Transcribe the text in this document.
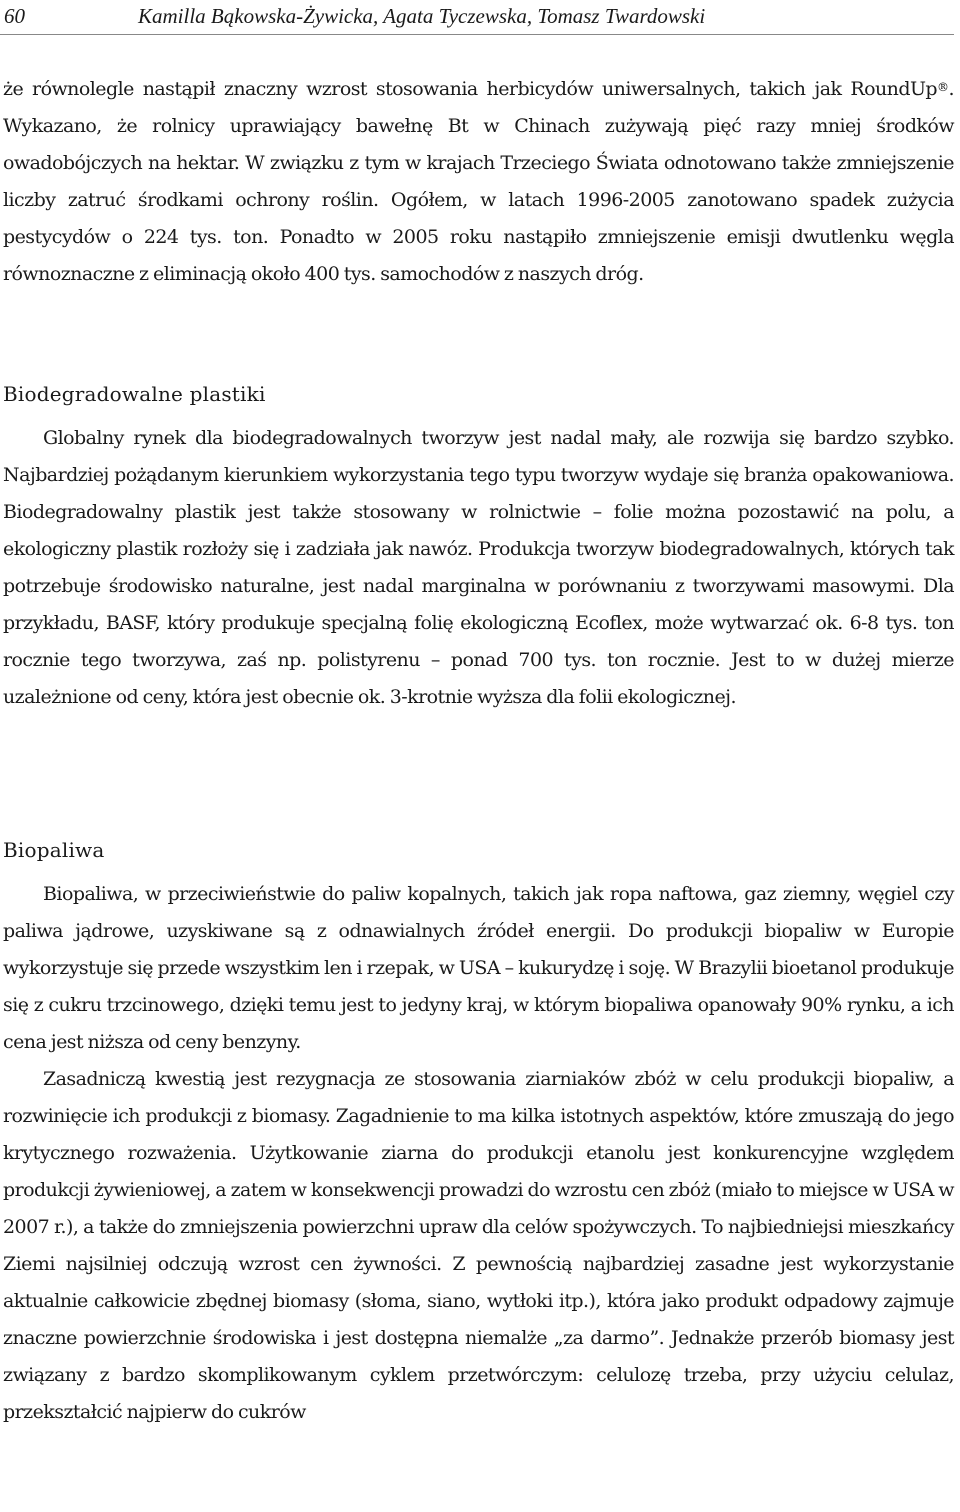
60	Kamilla Bąkowska-Żywicka, Agata Tyczewska, Tomasz Twardowski

że równolegle nastąpił znaczny wzrost stosowania herbicydów uniwersalnych, takich jak RoundUp®. Wykazano, że rolnicy uprawiający bawełnę Bt w Chinach zużywają pięć razy mniej środków owadobójczych na hektar. W związku z tym w krajach Trzeciego Świata odnotowano także zmniejszenie liczby zatruć środkami ochrony roślin. Ogółem, w latach 1996-2005 zanotowano spadek zużycia pestycydów o 224 tys. ton. Ponadto w 2005 roku nastąpiło zmniejszenie emisji dwutlenku węgla równoznaczne z eliminacją około 400 tys. samochodów z naszych dróg.

Biodegradowalne plastiki

Globalny rynek dla biodegradowalnych tworzyw jest nadal mały, ale rozwija się bardzo szybko. Najbardziej pożądanym kierunkiem wykorzystania tego typu tworzyw wydaje się branża opakowaniowa. Biodegradowalny plastik jest także stosowany w rolnictwie – folie można pozostawić na polu, a ekologiczny plastik rozłoży się i zadziała jak nawóz. Produkcja tworzyw biodegradowalnych, których tak potrzebuje środowisko naturalne, jest nadal marginalna w porównaniu z tworzywami masowymi. Dla przykładu, BASF, który produkuje specjalną folię ekologiczną Ecoflex, może wytwarzać ok. 6-8 tys. ton rocznie tego tworzywa, zaś np. polistyrenu – ponad 700 tys. ton rocznie. Jest to w dużej mierze uzależnione od ceny, która jest obecnie ok. 3-krotnie wyższa dla folii ekologicznej.

Biopaliwa

Biopaliwa, w przeciwieństwie do paliw kopalnych, takich jak ropa naftowa, gaz ziemny, węgiel czy paliwa jądrowe, uzyskiwane są z odnawialnych źródeł energii. Do produkcji biopaliw w Europie wykorzystuje się przede wszystkim len i rzepak, w USA – kukurydzę i soję. W Brazylii bioetanol produkuje się z cukru trzcinowego, dzięki temu jest to jedyny kraj, w którym biopaliwa opanowały 90% rynku, a ich cena jest niższa od ceny benzyny.

Zasadniczą kwestią jest rezygnacja ze stosowania ziarniaków zbóż w celu produkcji biopaliw, a rozwinięcie ich produkcji z biomasy. Zagadnienie to ma kilka istotnych aspektów, które zmuszają do jego krytycznego rozważenia. Użytkowanie ziarna do produkcji etanolu jest konkurencyjne względem produkcji żywieniowej, a zatem w konsekwencji prowadzi do wzrostu cen zbóż (miało to miejsce w USA w 2007 r.), a także do zmniejszenia powierzchni upraw dla celów spożywczych. To najbiedniejsi mieszkańcy Ziemi najsilniej odczują wzrost cen żywności. Z pewnością najbardziej zasadne jest wykorzystanie aktualnie całkowicie zbędnej biomasy (słoma, siano, wytłoki itp.), która jako produkt odpadowy zajmuje znaczne powierzchnie środowiska i jest dostępna niemalże „za darmo”. Jednakże przerób biomasy jest związany z bardzo skomplikowanym cyklem przetwórczym: celulozę trzeba, przy użyciu celulaz, przekształcić najpierw do cukrów
